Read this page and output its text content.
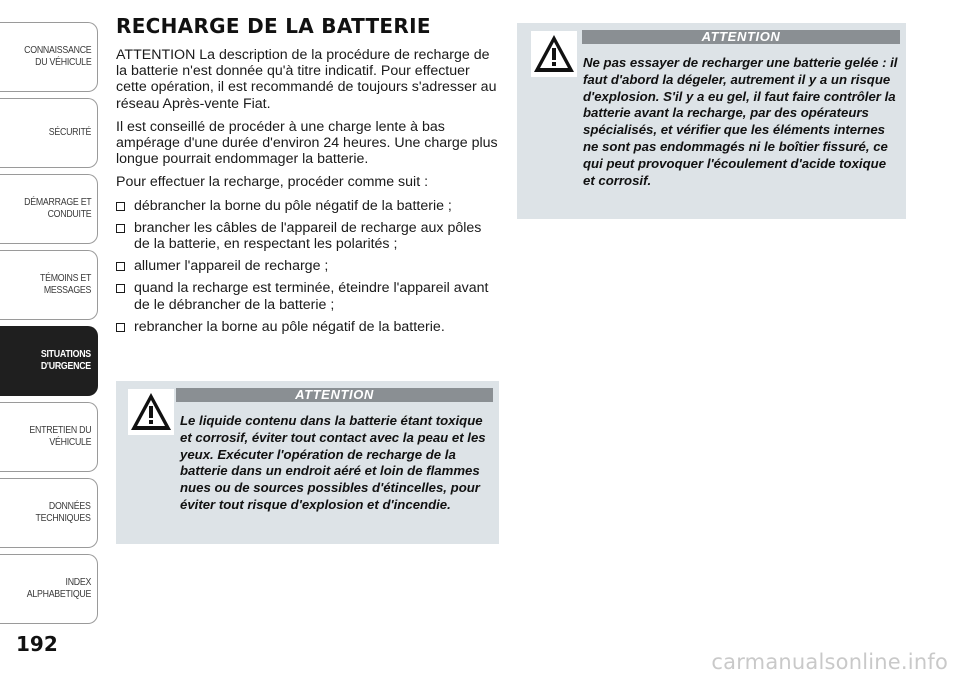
CONNAISSANCE
DU VÉHICULE
SÉCURITÉ
DÉMARRAGE ET
CONDUITE
TÉMOINS ET
MESSAGES
SITUATIONS
D'URGENCE
ENTRETIEN DU
VÉHICULE
DONNÉES
TECHNIQUES
INDEX
ALPHABETIQUE
192
carmanualsonline.info
RECHARGE DE LA BATTERIE

ATTENTION La description de la procédure de recharge de la batterie n'est donnée qu'à titre indicatif. Pour effectuer cette opération, il est recommandé de toujours s'adresser au réseau Après-vente Fiat.

Il est conseillé de procéder à une charge lente à bas ampérage d'une durée d'environ 24 heures. Une charge plus longue pourrait endommager la batterie.

Pour effectuer la recharge, procéder comme suit :

débrancher la borne du pôle négatif de la batterie ;
brancher les câbles de l'appareil de recharge aux pôles de la batterie, en respectant les polarités ;
allumer l'appareil de recharge ;
quand la recharge est terminée, éteindre l'appareil avant de le débrancher de la batterie ;
rebrancher la borne au pôle négatif de la batterie.
ATTENTION

Le liquide contenu dans la batterie étant toxique et corrosif, éviter tout contact avec la peau et les yeux. Exécuter l'opération de recharge de la batterie dans un endroit aéré et loin de flammes nues ou de sources possibles d'étincelles, pour éviter tout risque d'explosion et d'incendie.

ATTENTION

Ne pas essayer de recharger une batterie gelée : il faut d'abord la dégeler, autrement il y a un risque d'explosion. S'il y a eu gel, il faut faire contrôler la batterie avant la recharge, par des opérateurs spécialisés, et vérifier que les éléments internes ne sont pas endommagés ni le boîtier fissuré, ce qui peut provoquer l'écoulement d'acide toxique et corrosif.
